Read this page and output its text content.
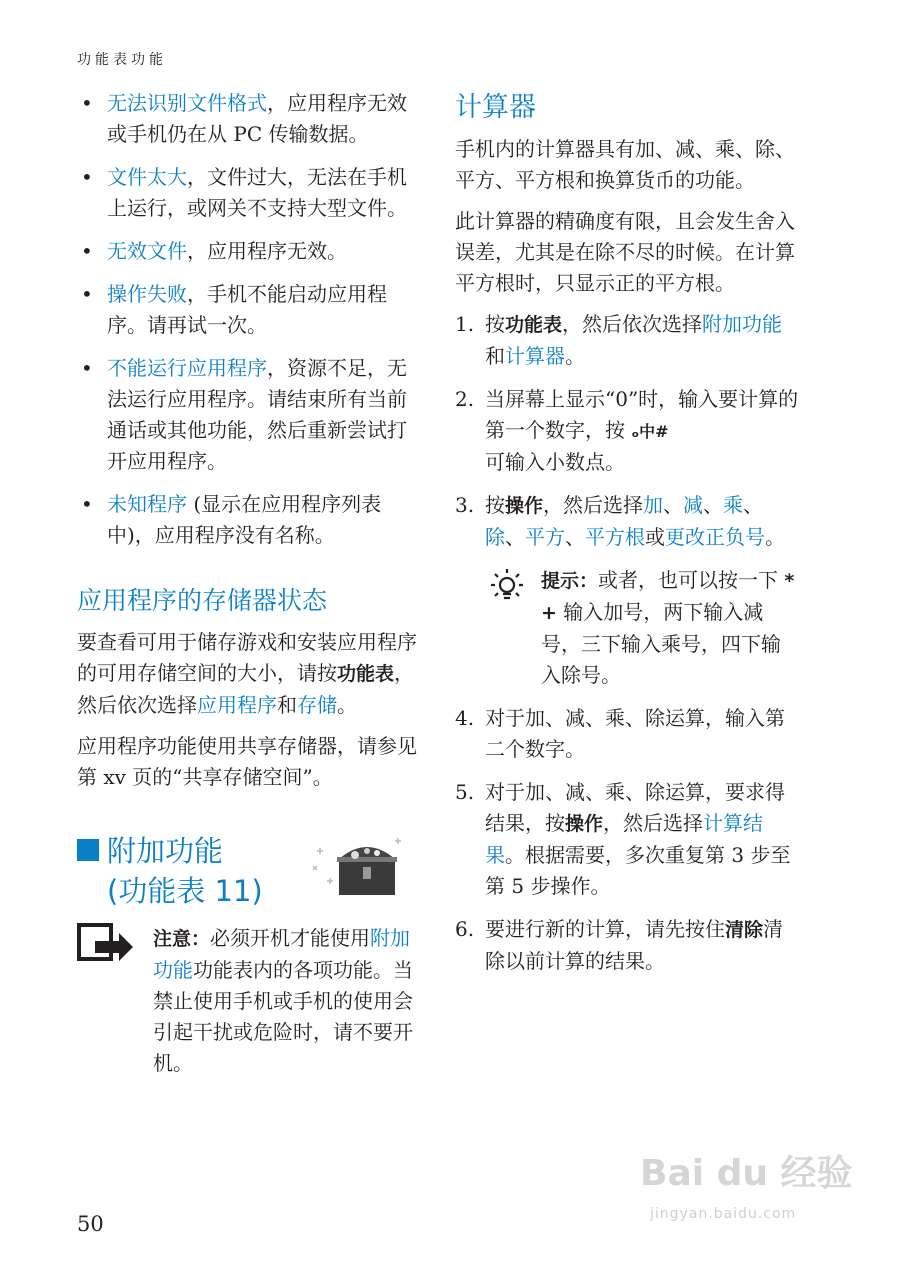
功能表功能
• 无法识别文件格式，应用程序无效或手机仍在从 PC 传输数据。
• 文件太大，文件过大，无法在手机上运行，或网关不支持大型文件。
• 无效文件，应用程序无效。
• 操作失败，手机不能启动应用程序。请再试一次。
• 不能运行应用程序，资源不足，无法运行应用程序。请结束所有当前通话或其他功能，然后重新尝试打开应用程序。
• 未知程序 (显示在应用程序列表中)，应用程序没有名称。
应用程序的存储器状态

要查看可用于储存游戏和安装应用程序的可用存储空间的大小，请按功能表，然后依次选择应用程序和存储。

应用程序功能使用共享存储器，请参见第 xv 页的“共享存储空间”。

附加功能
(功能表 11)
注意：必须开机才能使用附加功能功能表内的各项功能。当禁止使用手机或手机的使用会引起干扰或危险时，请不要开机。
计算器

手机内的计算器具有加、减、乘、除、平方、平方根和换算货币的功能。

此计算器的精确度有限，且会发生舍入误差，尤其是在除不尽的时候。在计算平方根时，只显示正的平方根。

1. 按功能表，然后依次选择附加功能和计算器。
2. 当屏幕上显示“0”时，输入要计算的第一个数字，按 ₒ中#
可输入小数点。
3. 按操作，然后选择加、减、乘、除、平方、平方根或更改正负号。
提示：或者，也可以按一下 * + 输入加号，两下输入减号，三下输入乘号，四下输入除号。
4. 对于加、减、乘、除运算，输入第二个数字。
5. 对于加、减、乘、除运算，要求得结果，按操作，然后选择计算结果。根据需要，多次重复第 3 步至第 5 步操作。
6. 要进行新的计算，请先按住清除清除以前计算的结果。
50
Bai du 经验
jingyan.baidu.com
